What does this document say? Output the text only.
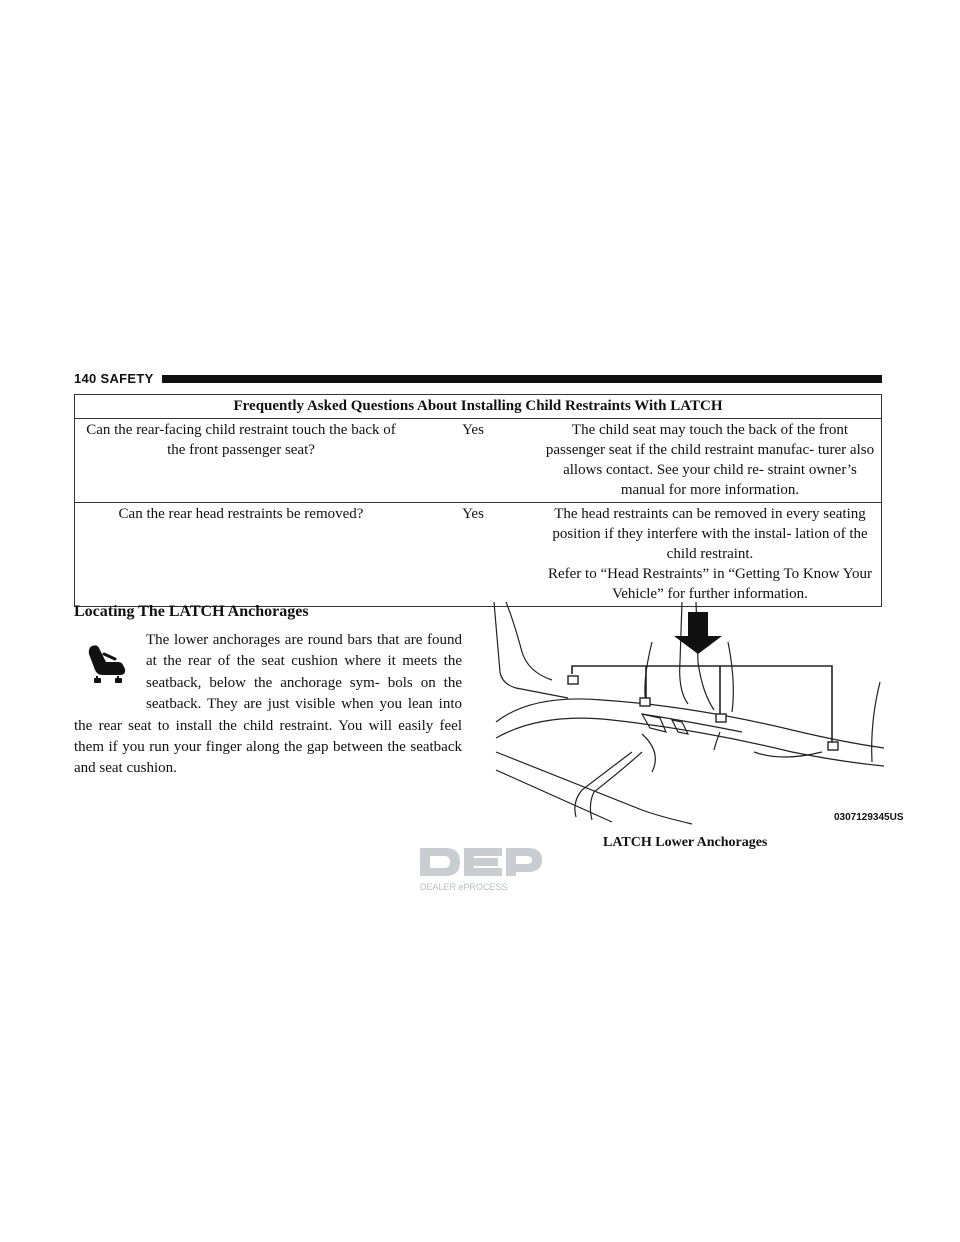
140 SAFETY
Frequently Asked Questions About Installing Child Restraints With LATCH		
Can the rear-facing child restraint touch the back of the front passenger seat?	Yes	The child seat may touch the back of the front passenger seat if the child restraint manufac- turer also allows contact. See your child re- straint owner’s manual for more information.
Can the rear head restraints be removed?	Yes	The head restraints can be removed in every seating position if they interfere with the instal- lation of the child restraint.
Refer to “Head Restraints” in “Getting To Know Your Vehicle” for further information.
Locating The LATCH Anchorages
The lower anchorages are round bars that are found at the rear of the seat cushion where it meets the seatback, below the anchorage sym- bols on the seatback. They are just visible when you lean into the rear seat to install the child restraint. You will easily feel them if you run your finger along the gap between the seatback and seat cushion.
0307129345US
LATCH Lower Anchorages
DEALER ePROCESS
